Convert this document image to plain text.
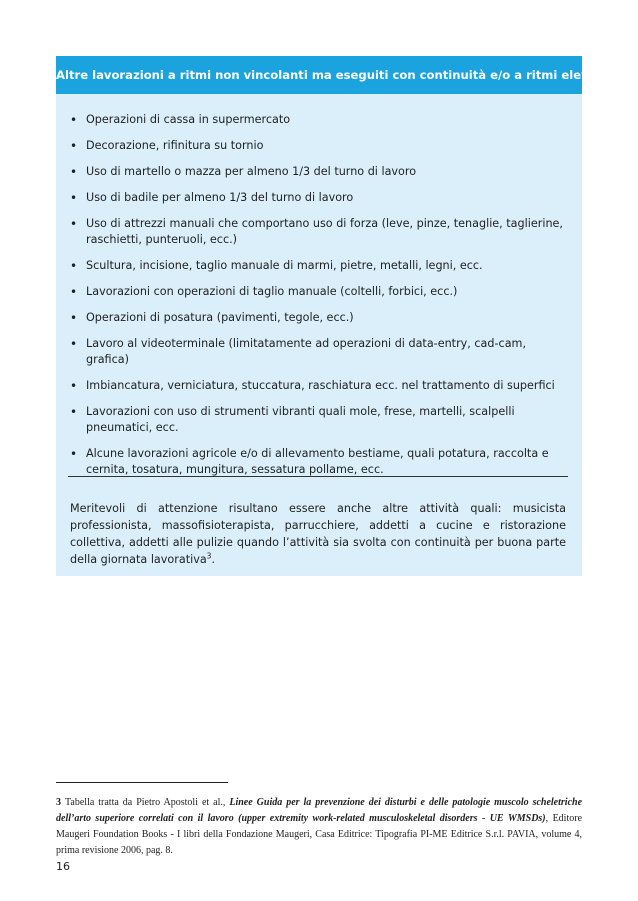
Altre lavorazioni a ritmi non vincolanti ma eseguiti con continuità e/o a ritmi elevati
• Operazioni di cassa in supermercato
• Decorazione, rifinitura su tornio
• Uso di martello o mazza per almeno 1/3 del turno di lavoro
• Uso di badile per almeno 1/3 del turno di lavoro
• Uso di attrezzi manuali che comportano uso di forza (leve, pinze, tenaglie, taglierine, raschietti, punteruoli, ecc.)
• Scultura, incisione, taglio manuale di marmi, pietre, metalli, legni, ecc.
• Lavorazioni con operazioni di taglio manuale (coltelli, forbici, ecc.)
• Operazioni di posatura (pavimenti, tegole, ecc.)
• Lavoro al videoterminale (limitatamente ad operazioni di data-entry, cad-cam, grafica)
• Imbiancatura, verniciatura, stuccatura, raschiatura ecc. nel trattamento di superfici
• Lavorazioni con uso di strumenti vibranti quali mole, frese, martelli, scalpelli pneumatici, ecc.
• Alcune lavorazioni agricole e/o di allevamento bestiame, quali potatura, raccolta e cernita, tosatura, mungitura, sessatura pollame, ecc.

Meritevoli di attenzione risultano essere anche altre attività quali: musicista professionista, massofisioterapista, parrucchiere, addetti a cucine e ristorazione collettiva, addetti alle pulizie quando l’attività sia svolta con continuità per buona parte della giornata lavorativa$^3$.

3 Tabella tratta da Pietro Apostoli et al., Linee Guida per la prevenzione dei disturbi e delle patologie muscolo scheletriche dell’arto superiore correlati con il lavoro (upper extremity work-related musculoskeletal disorders - UE WMSDs), Editore Maugeri Foundation Books - I libri della Fondazione Maugeri, Casa Editrice: Tipografia PI-ME Editrice S.r.l. PAVIA, volume 4, prima revisione 2006, pag. 8.
16
